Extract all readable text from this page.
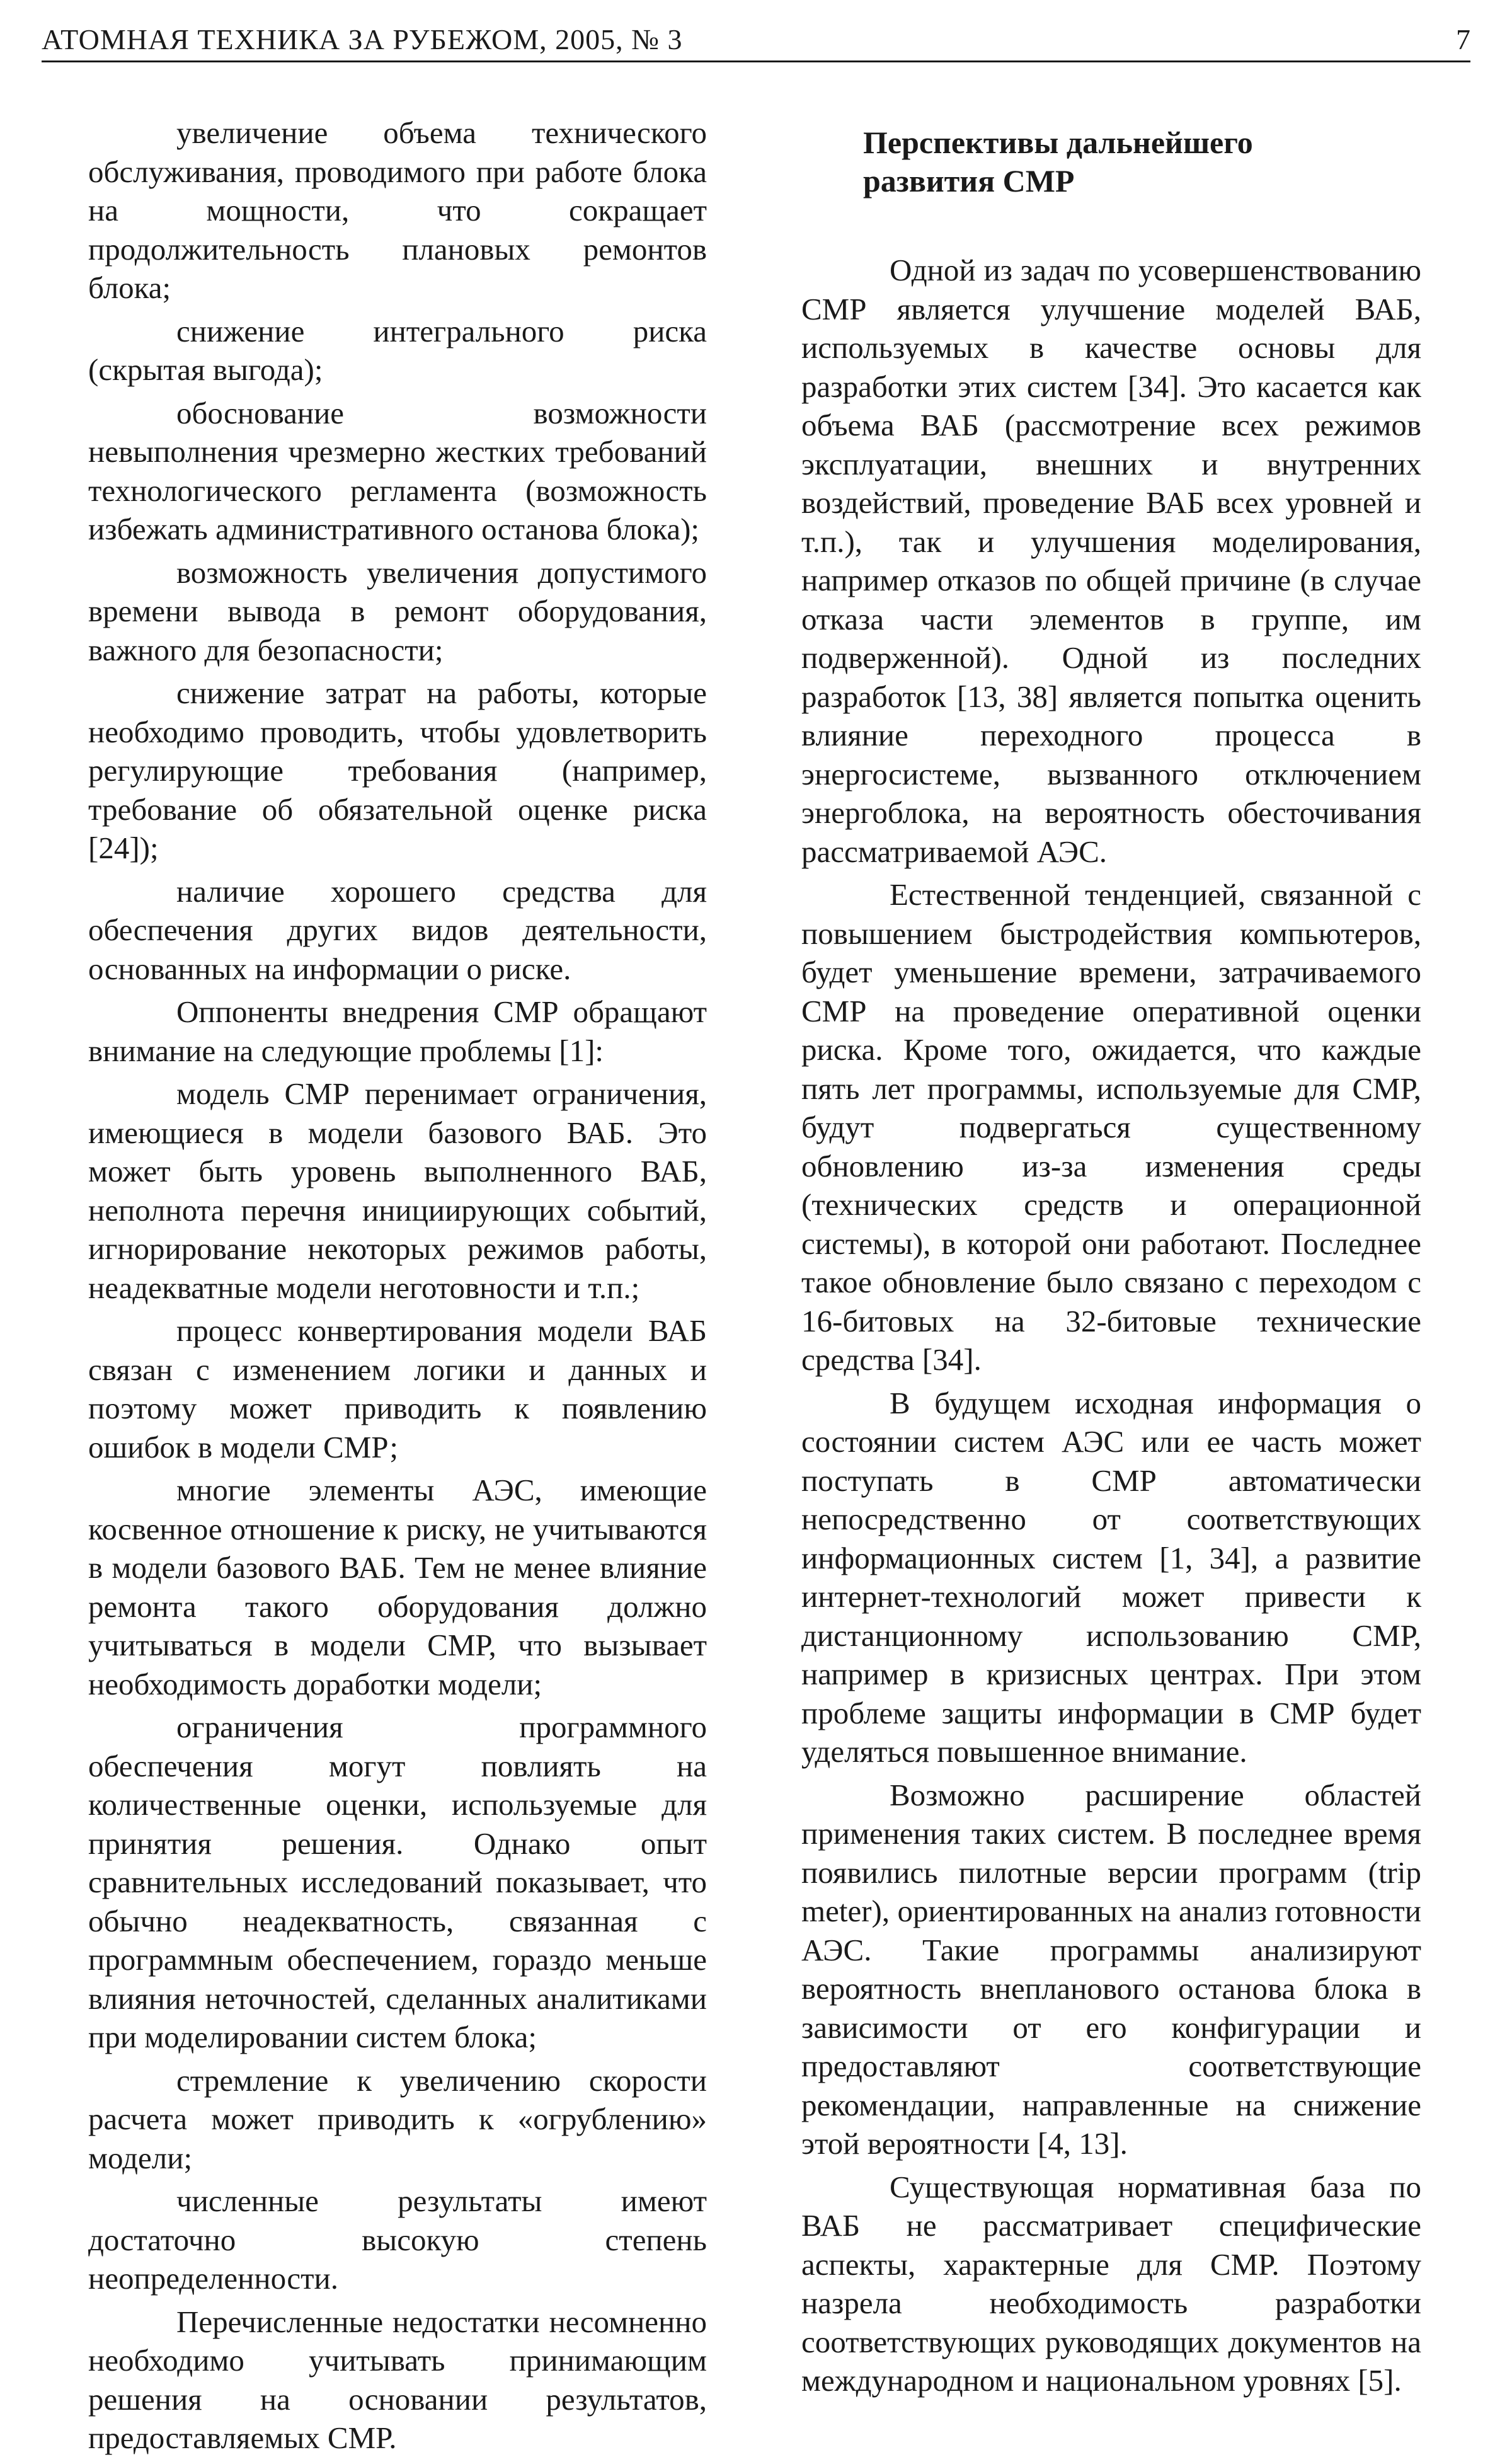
АТОМНАЯ ТЕХНИКА ЗА РУБЕЖОМ, 2005, № 3	7

увеличение объема технического обслуживания, проводимого при работе блока на мощности, что сокращает продолжительность плановых ремонтов блока;

снижение интегрального риска (скрытая выгода);

обоснование возможности невыполнения чрезмерно жестких требований технологического регламента (возможность избежать административного останова блока);

возможность увеличения допустимого времени вывода в ремонт оборудования, важного для безопасности;

снижение затрат на работы, которые необходимо проводить, чтобы удовлетворить регулирующие требования (например, требование об обязательной оценке риска [24]);

наличие хорошего средства для обеспечения других видов деятельности, основанных на информации о риске.

Оппоненты внедрения СМР обращают внимание на следующие проблемы [1]:

модель СМР перенимает ограничения, имеющиеся в модели базового ВАБ. Это может быть уровень выполненного ВАБ, неполнота перечня инициирующих событий, игнорирование некоторых режимов работы, неадекватные модели неготовности и т.п.;

процесс конвертирования модели ВАБ связан с изменением логики и данных и поэтому может приводить к появлению ошибок в модели СМР;

многие элементы АЭС, имеющие косвенное отношение к риску, не учитываются в модели базового ВАБ. Тем не менее влияние ремонта такого оборудования должно учитываться в модели СМР, что вызывает необходимость доработки модели;

ограничения программного обеспечения могут повлиять на количественные оценки, используемые для принятия решения. Однако опыт сравнительных исследований показывает, что обычно неадекватность, связанная с программным обеспечением, гораздо меньше влияния неточностей, сделанных аналитиками при моделировании систем блока;

стремление к увеличению скорости расчета может приводить к «огрублению» модели;

численные результаты имеют достаточно высокую степень неопределенности.

Перечисленные недостатки несомненно необходимо учитывать принимающим решения на основании результатов, предоставляемых СМР.

Перспективы дальнейшего
развития СМР

Одной из задач по усовершенствованию СМР является улучшение моделей ВАБ, используемых в качестве основы для разработки этих систем [34]. Это касается как объема ВАБ (рассмотрение всех режимов эксплуатации, внешних и внутренних воздействий, проведение ВАБ всех уровней и т.п.), так и улучшения моделирования, например отказов по общей причине (в случае отказа части элементов в группе, им подверженной). Одной из последних разработок [13, 38] является попытка оценить влияние переходного процесса в энергосистеме, вызванного отключением энергоблока, на вероятность обесточивания рассматриваемой АЭС.

Естественной тенденцией, связанной с повышением быстродействия компьютеров, будет уменьшение времени, затрачиваемого СМР на проведение оперативной оценки риска. Кроме того, ожидается, что каждые пять лет программы, используемые для СМР, будут подвергаться существенному обновлению из-за изменения среды (технических средств и операционной системы), в которой они работают. Последнее такое обновление было связано с переходом с 16-битовых на 32-битовые технические средства [34].

В будущем исходная информация о состоянии систем АЭС или ее часть может поступать в СМР автоматически непосредственно от соответствующих информационных систем [1, 34], а развитие интернет-технологий может привести к дистанционному использованию СМР, например в кризисных центрах. При этом проблеме защиты информации в СМР будет уделяться повышенное внимание.

Возможно расширение областей применения таких систем. В последнее время появились пилотные версии программ (trip meter), ориентированных на анализ готовности АЭС. Такие программы анализируют вероятность внепланового останова блока в зависимости от его конфигурации и предоставляют соответствующие рекомендации, направленные на снижение этой вероятности [4, 13].

Существующая нормативная база по ВАБ не рассматривает специфические аспекты, характерные для СМР. Поэтому назрела необходимость разработки соответствующих руководящих документов на международном и национальном уровнях [5].
